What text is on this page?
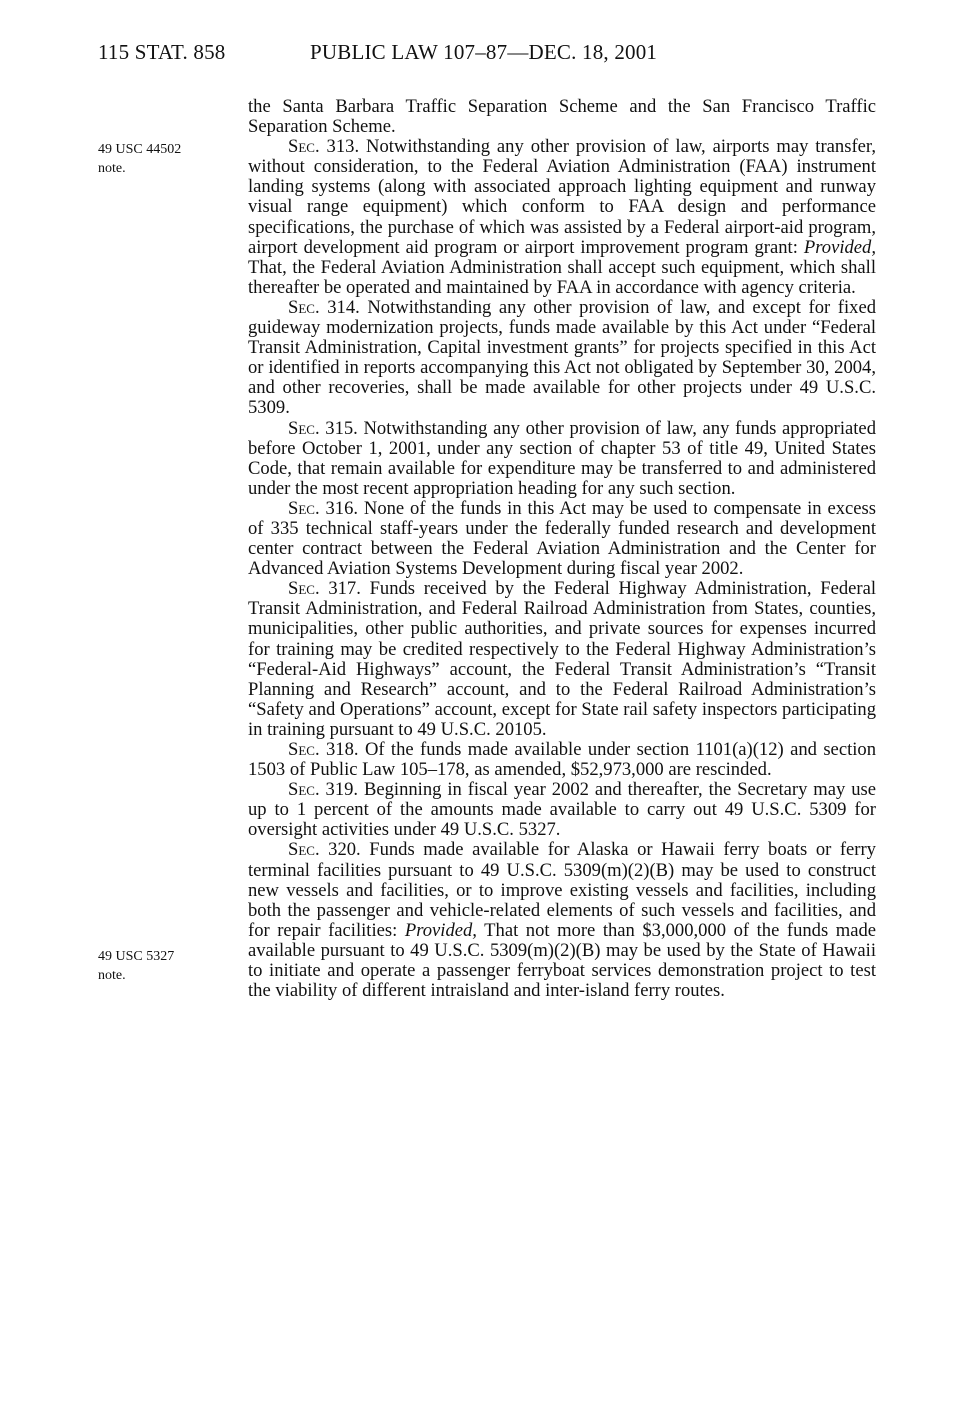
115 STAT. 858	PUBLIC LAW 107–87—DEC. 18, 2001
49 USC 44502
note.
49 USC 5327
note.

the Santa Barbara Traffic Separation Scheme and the San Francisco Traffic Separation Scheme.

Sec. 313. Notwithstanding any other provision of law, airports may transfer, without consideration, to the Federal Aviation Administration (FAA) instrument landing systems (along with associated approach lighting equipment and runway visual range equipment) which conform to FAA design and performance specifications, the purchase of which was assisted by a Federal airport-aid program, airport development aid program or airport improvement program grant: Provided, That, the Federal Aviation Administration shall accept such equipment, which shall thereafter be operated and maintained by FAA in accordance with agency criteria.

Sec. 314. Notwithstanding any other provision of law, and except for fixed guideway modernization projects, funds made available by this Act under “Federal Transit Administration, Capital investment grants” for projects specified in this Act or identified in reports accompanying this Act not obligated by September 30, 2004, and other recoveries, shall be made available for other projects under 49 U.S.C. 5309.

Sec. 315. Notwithstanding any other provision of law, any funds appropriated before October 1, 2001, under any section of chapter 53 of title 49, United States Code, that remain available for expenditure may be transferred to and administered under the most recent appropriation heading for any such section.

Sec. 316. None of the funds in this Act may be used to compensate in excess of 335 technical staff-years under the federally funded research and development center contract between the Federal Aviation Administration and the Center for Advanced Aviation Systems Development during fiscal year 2002.

Sec. 317. Funds received by the Federal Highway Administration, Federal Transit Administration, and Federal Railroad Administration from States, counties, municipalities, other public authorities, and private sources for expenses incurred for training may be credited respectively to the Federal Highway Administration’s “Federal-Aid Highways” account, the Federal Transit Administration’s “Transit Planning and Research” account, and to the Federal Railroad Administration’s “Safety and Operations” account, except for State rail safety inspectors participating in training pursuant to 49 U.S.C. 20105.

Sec. 318. Of the funds made available under section 1101(a)(12) and section 1503 of Public Law 105–178, as amended, $52,973,000 are rescinded.

Sec. 319. Beginning in fiscal year 2002 and thereafter, the Secretary may use up to 1 percent of the amounts made available to carry out 49 U.S.C. 5309 for oversight activities under 49 U.S.C. 5327.

Sec. 320. Funds made available for Alaska or Hawaii ferry boats or ferry terminal facilities pursuant to 49 U.S.C. 5309(m)(2)(B) may be used to construct new vessels and facilities, or to improve existing vessels and facilities, including both the passenger and vehicle-related elements of such vessels and facilities, and for repair facilities: Provided, That not more than $3,000,000 of the funds made available pursuant to 49 U.S.C. 5309(m)(2)(B) may be used by the State of Hawaii to initiate and operate a passenger ferryboat services demonstration project to test the viability of different intraisland and inter-island ferry routes.
